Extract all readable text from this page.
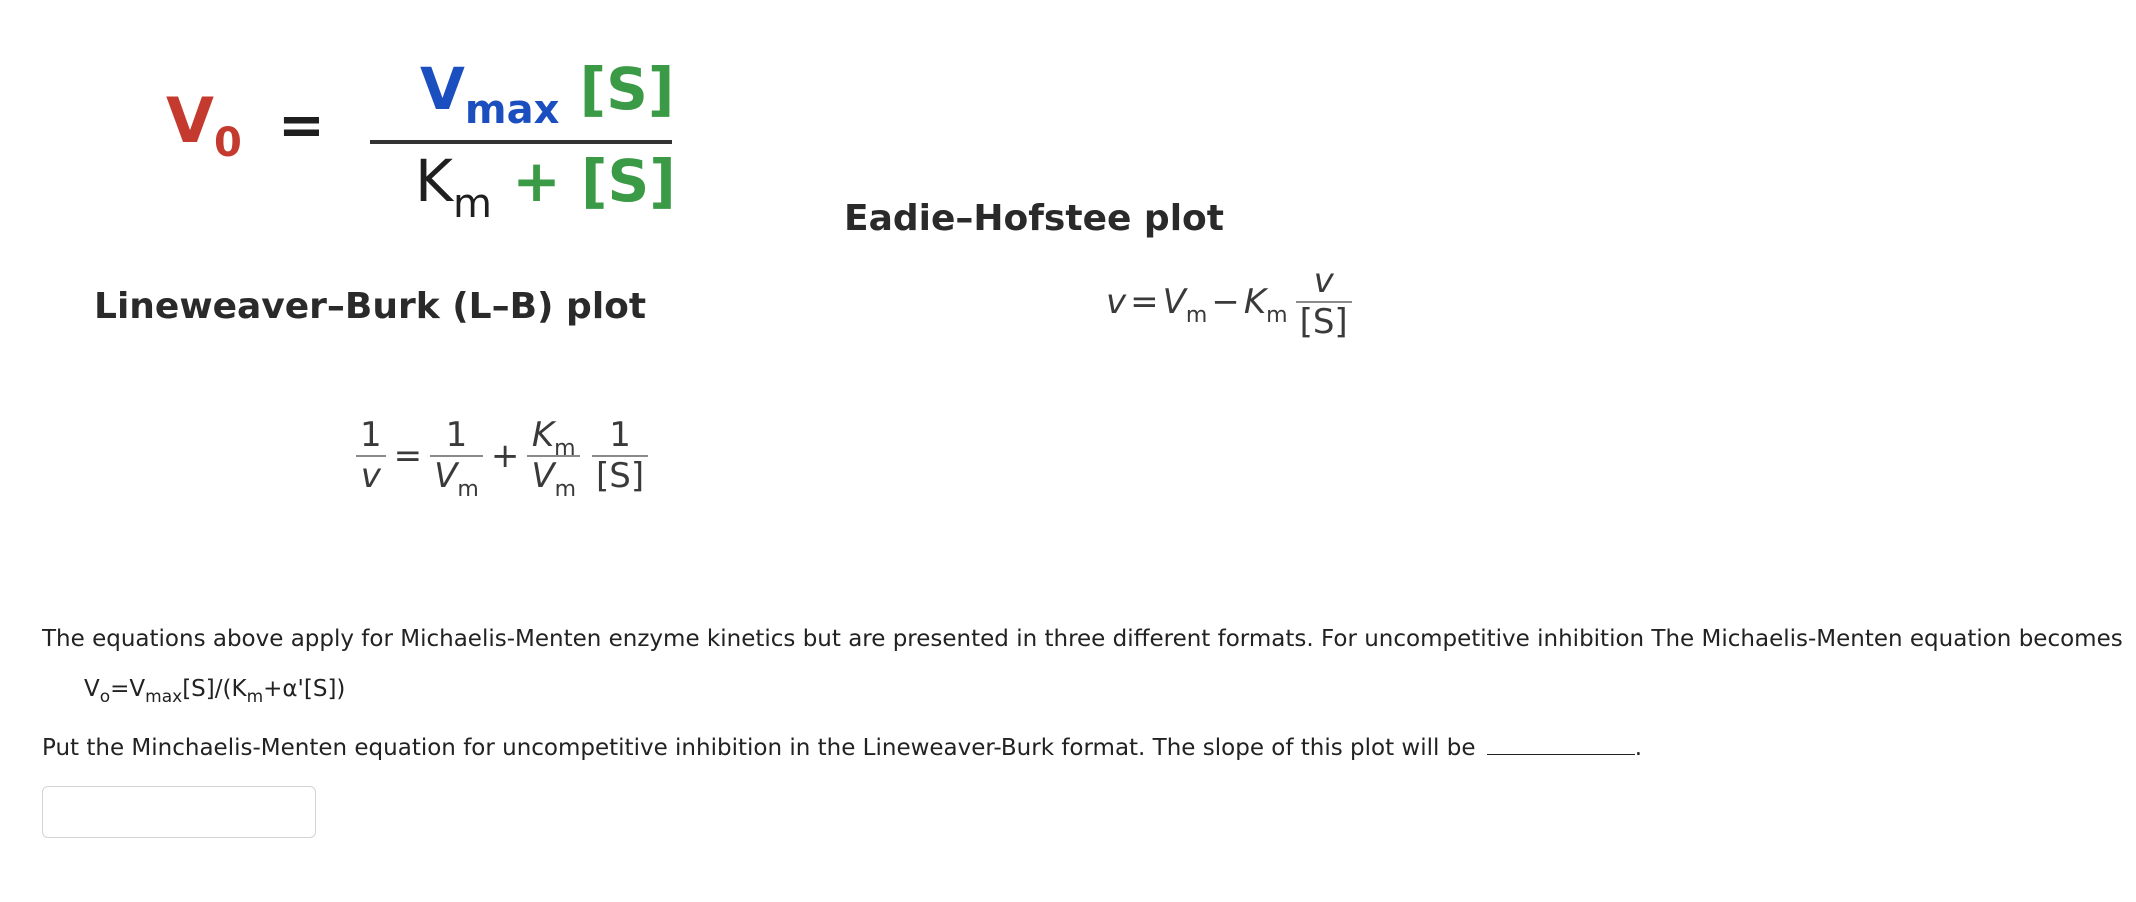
$V_0$ =
$V_{max}$ [S]
$K_m + [S]$
Lineweaver–Burk (L–B) plot
Eadie–Hofstee plot
$\frac{1}{v} = \frac{1}{V_m} + \frac{K_m}{V_m} \frac{1}{[S]}$
$v = V_m - K_m \frac{v}{[S]}$
The equations above apply for Michaelis-Menten enzyme kinetics but are presented in three different formats. For uncompetitive inhibition The Michaelis-Menten equation becomes
$V_o=V_{max}[S]/(K_m+\alpha'[S])$
Put the Minchaelis-Menten equation for uncompetitive inhibition in the Lineweaver-Burk format. The slope of this plot will be	.
